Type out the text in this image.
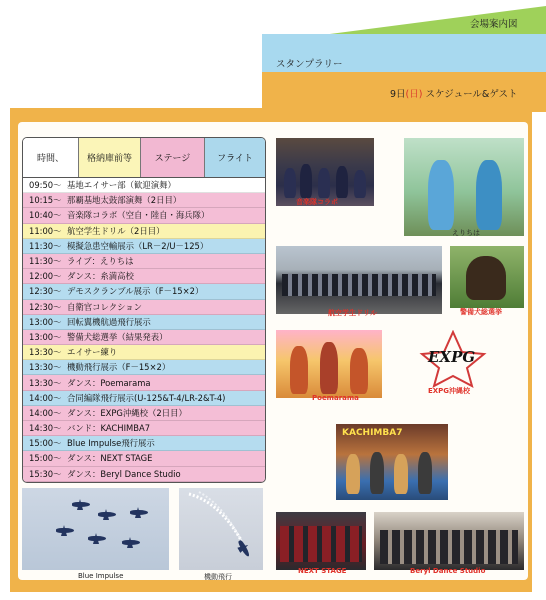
会場案内図
スタンプラリー
9日(日) スケジュール&ゲスト
時間、	格納庫前等	ステージ	フライト
09:50～ 基地エイサー部（歓迎演舞）
10:15～ 那覇基地太鼓部演舞（2日目）
10:40～ 音楽隊コラボ（空自・陸自・海兵隊）
11:00～ 航空学生ドリル（2日目）
11:30～ 模擬急患空輸展示（LR－2/U－125）
11:30～ ライブ：えりちは
12:00～ ダンス：糸満高校
12:30～ デモスクランブル展示（F－15×2）
12:30～ 自衛官コレクション
13:00～ 回転翼機航過飛行展示
13:00～ 警備犬総選挙（結果発表）
13:30～ エイサー練り
13:30～ 機動飛行展示（F－15×2）
13:30～ ダンス：Poemarama
14:00～ 合同編隊飛行展示(U-125&T-4/LR-2&T-4)
14:00～ ダンス：EXPG沖縄校（2日目）
14:30～ バンド：KACHIMBA7
15:00～ Blue Impulse飛行展示
15:00～ ダンス：NEXT STAGE
15:30～ ダンス：Beryl Dance Studio
音楽隊コラボ
えりちは
航空学生ドリル	警備犬総選挙
Poemarama
EXPG
EXPG沖縄校
KACHIMBA7
Blue Impulse	機動飛行
NEXT STAGE	Beryl Dance Studio
